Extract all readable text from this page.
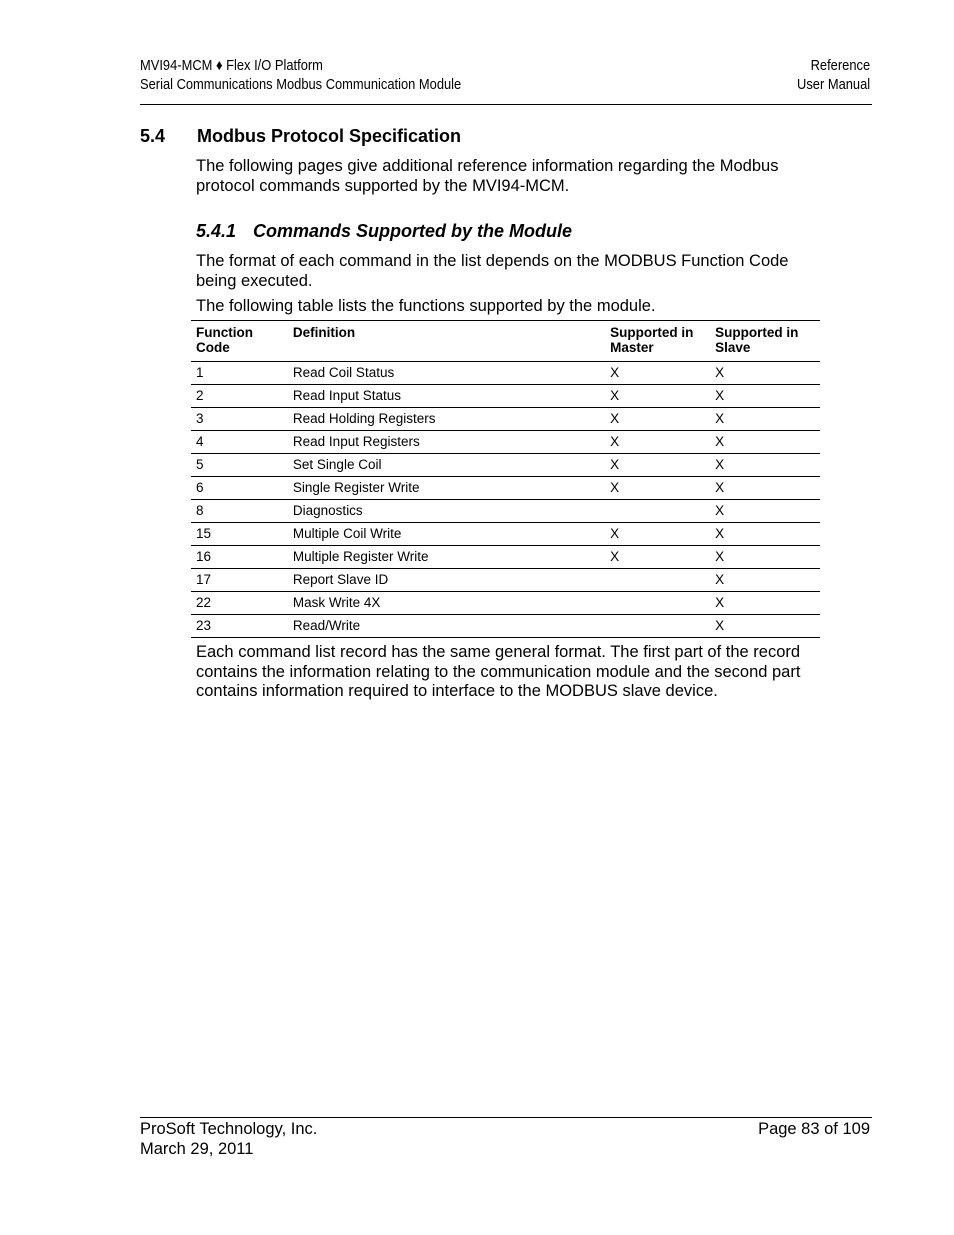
MVI94-MCM ♦ Flex I/O Platform	Reference
Serial Communications Modbus Communication Module	User Manual
5.4 Modbus Protocol Specification
The following pages give additional reference information regarding the Modbus protocol commands supported by the MVI94-MCM.
5.4.1 Commands Supported by the Module
The format of each command in the list depends on the MODBUS Function Code being executed.
The following table lists the functions supported by the module.
Function Code	Definition	Supported in Master	Supported in Slave
1	Read Coil Status	X	X
2	Read Input Status	X	X
3	Read Holding Registers	X	X
4	Read Input Registers	X	X
5	Set Single Coil	X	X
6	Single Register Write	X	X
8	Diagnostics		X
15	Multiple Coil Write	X	X
16	Multiple Register Write	X	X
17	Report Slave ID		X
22	Mask Write 4X		X
23	Read/Write		X
Each command list record has the same general format. The first part of the record contains the information relating to the communication module and the second part contains information required to interface to the MODBUS slave device.
ProSoft Technology, Inc.	Page 83 of 109
March 29, 2011
